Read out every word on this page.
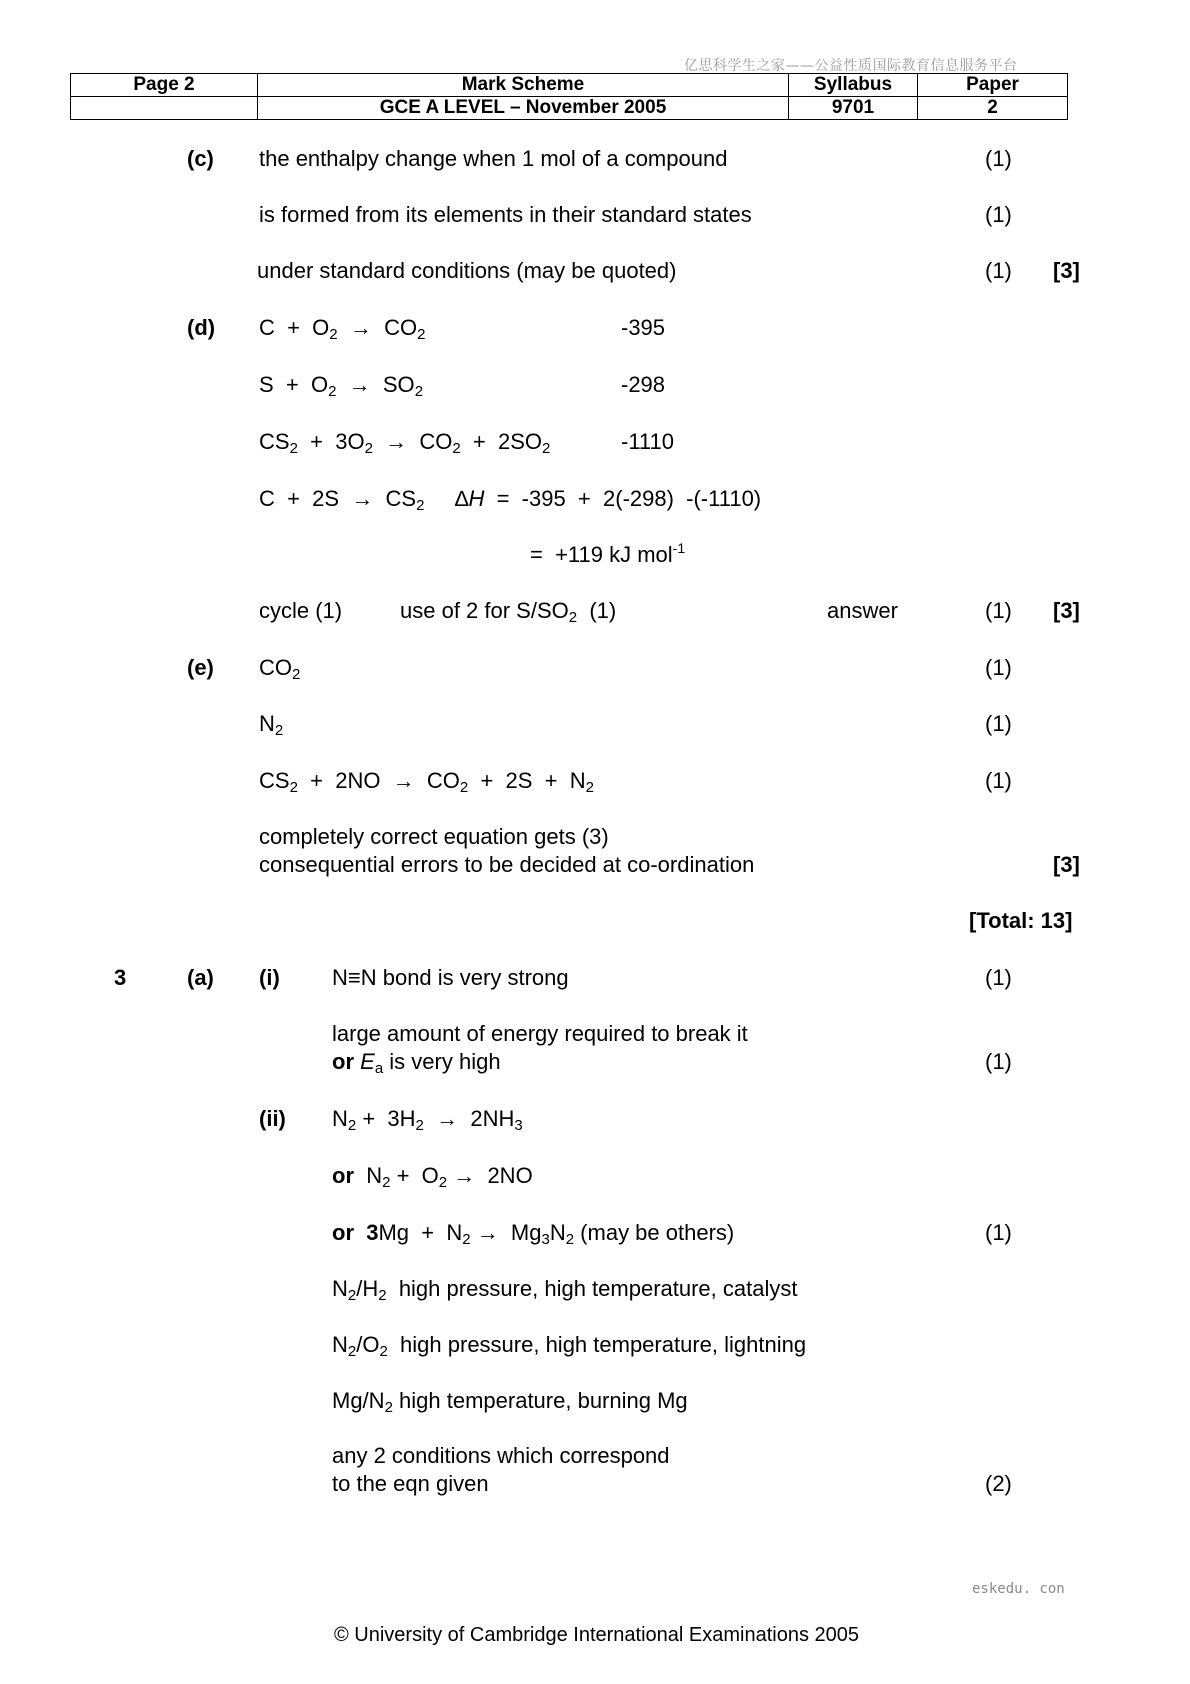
亿思科学生之家——公益性质国际教育信息服务平台
Page 2	Mark Scheme	Syllabus	Paper
	GCE A LEVEL – November 2005	9701	2
(c) the enthalpy change when 1 mol of a compound	(1)
is formed from its elements in their standard states	(1)
under standard conditions (may be quoted)	(1) [3]
(d) $C + O_2 \to CO_2$	-395
$S + O_2 \to SO_2$	-298
$CS_2 + 3O_2 \to CO_2 + 2SO_2$	-1110
$C + 2S \to CS_2$     ∆H  =  -395  +  2(-298)  -(-1110)
=  +119 kJ mol$^{-1}$
cycle (1)	use of 2 for $S/SO_2$ (1)	answer	(1) [3]
(e) $CO_2$	(1)
$N_2$	(1)
$CS_2 + 2NO \to CO_2 + 2S + N_2$	(1)
completely correct equation gets (3)
consequential errors to be decided at co-ordination	[3]
[Total: 13]
3	(a) (i) N≡N bond is very strong	(1)
large amount of energy required to break it
or $E_a$ is very high	(1)
(ii) $N_2 + 3H_2 \to 2NH_3$
or  $N_2 + O_2 \to 2NO$
or $3Mg + N_2 \to Mg_3N_2$ (may be others)	(1)
$N_2/H_2$ high pressure, high temperature, catalyst
$N_2/O_2$ high pressure, high temperature, lightning
$Mg/N_2$ high temperature, burning Mg
any 2 conditions which correspond
to the eqn given	(2)
eskedu. con
© University of Cambridge International Examinations 2005
